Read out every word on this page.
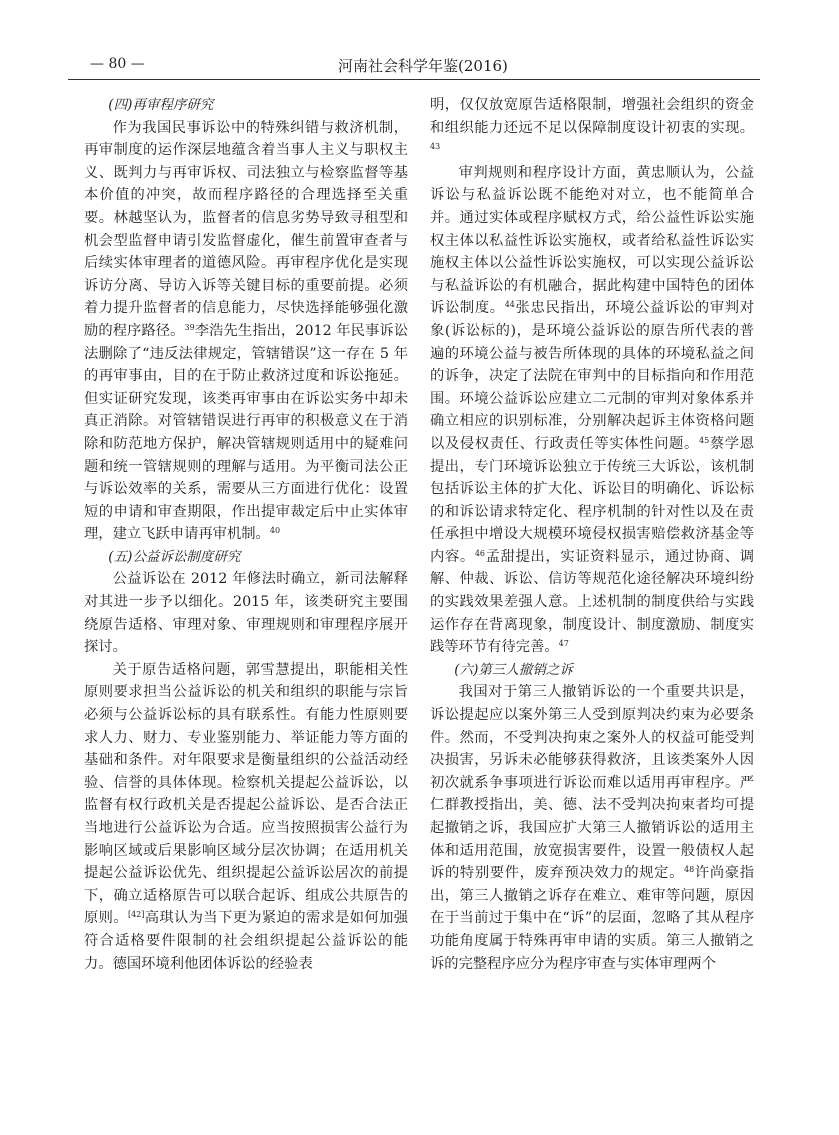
— 80 —	河南社会科学年鉴(2016)
(四)再审程序研究

作为我国民事诉讼中的特殊纠错与救济机制，再审制度的运作深层地蕴含着当事人主义与职权主义、既判力与再审诉权、司法独立与检察监督等基本价值的冲突，故而程序路径的合理选择至关重要。林越坚认为，监督者的信息劣势导致寻租型和机会型监督申请引发监督虚化，催生前置审查者与后续实体审理者的道德风险。再审程序优化是实现诉访分离、导访入诉等关键目标的重要前提。必须着力提升监督者的信息能力，尽快选择能够强化激励的程序路径。$^{39}$李浩先生指出，2012 年民事诉讼法删除了“违反法律规定，管辖错误”这一存在 5 年的再审事由，目的在于防止救济过度和诉讼拖延。但实证研究发现，该类再审事由在诉讼实务中却未真正消除。对管辖错误进行再审的积极意义在于消除和防范地方保护，解决管辖规则适用中的疑难问题和统一管辖规则的理解与适用。为平衡司法公正与诉讼效率的关系，需要从三方面进行优化：设置短的申请和审查期限，作出提审裁定后中止实体审理，建立飞跃申请再审机制。$^{40}$

(五)公益诉讼制度研究

公益诉讼在 2012 年修法时确立，新司法解释对其进一步予以细化。2015 年，该类研究主要围绕原告适格、审理对象、审理规则和审理程序展开探讨。

关于原告适格问题，郭雪慧提出，职能相关性原则要求担当公益诉讼的机关和组织的职能与宗旨必须与公益诉讼标的具有联系性。有能力性原则要求人力、财力、专业鉴别能力、举证能力等方面的基础和条件。对年限要求是衡量组织的公益活动经验、信誉的具体体现。检察机关提起公益诉讼，以监督有权行政机关是否提起公益诉讼、是否合法正当地进行公益诉讼为合适。应当按照损害公益行为影响区域或后果影响区域分层次协调；在适用机关提起公益诉讼优先、组织提起公益诉讼居次的前提下，确立适格原告可以联合起诉、组成公共原告的原则。[42]高琪认为当下更为紧迫的需求是如何加强符合适格要件限制的社会组织提起公益诉讼的能力。德国环境利他团体诉讼的经验表

明，仅仅放宽原告适格限制，增强社会组织的资金和组织能力还远不足以保障制度设计初衷的实现。$^{43}$

审判规则和程序设计方面，黄忠顺认为，公益诉讼与私益诉讼既不能绝对对立，也不能简单合并。通过实体或程序赋权方式，给公益性诉讼实施权主体以私益性诉讼实施权，或者给私益性诉讼实施权主体以公益性诉讼实施权，可以实现公益诉讼与私益诉讼的有机融合，据此构建中国特色的团体诉讼制度。$^{44}$张忠民指出，环境公益诉讼的审判对象(诉讼标的)，是环境公益诉讼的原告所代表的普遍的环境公益与被告所体现的具体的环境私益之间的诉争，决定了法院在审判中的目标指向和作用范围。环境公益诉讼应建立二元制的审判对象体系并确立相应的识别标准，分别解决起诉主体资格问题以及侵权责任、行政责任等实体性问题。$^{45}$蔡学恩提出，专门环境诉讼独立于传统三大诉讼，该机制包括诉讼主体的扩大化、诉讼目的明确化、诉讼标的和诉讼请求特定化、程序机制的针对性以及在责任承担中增设大规模环境侵权损害赔偿救济基金等内容。$^{46}$孟甜提出，实证资料显示，通过协商、调解、仲裁、诉讼、信访等规范化途径解决环境纠纷的实践效果差强人意。上述机制的制度供给与实践运作存在背离现象，制度设计、制度激励、制度实践等环节有待完善。$^{47}$

(六)第三人撤销之诉

我国对于第三人撤销诉讼的一个重要共识是，诉讼提起应以案外第三人受到原判决约束为必要条件。然而，不受判决拘束之案外人的权益可能受判决损害，另诉未必能够获得救济，且该类案外人因初次就系争事项进行诉讼而难以适用再审程序。严仁群教授指出，美、德、法不受判决拘束者均可提起撤销之诉，我国应扩大第三人撤销诉讼的适用主体和适用范围，放宽损害要件，设置一般债权人起诉的特别要件，废弃预决效力的规定。$^{48}$许尚豪指出，第三人撤销之诉存在难立、难审等问题，原因在于当前过于集中在“诉”的层面，忽略了其从程序功能角度属于特殊再审申请的实质。第三人撤销之诉的完整程序应分为程序审查与实体审理两个
